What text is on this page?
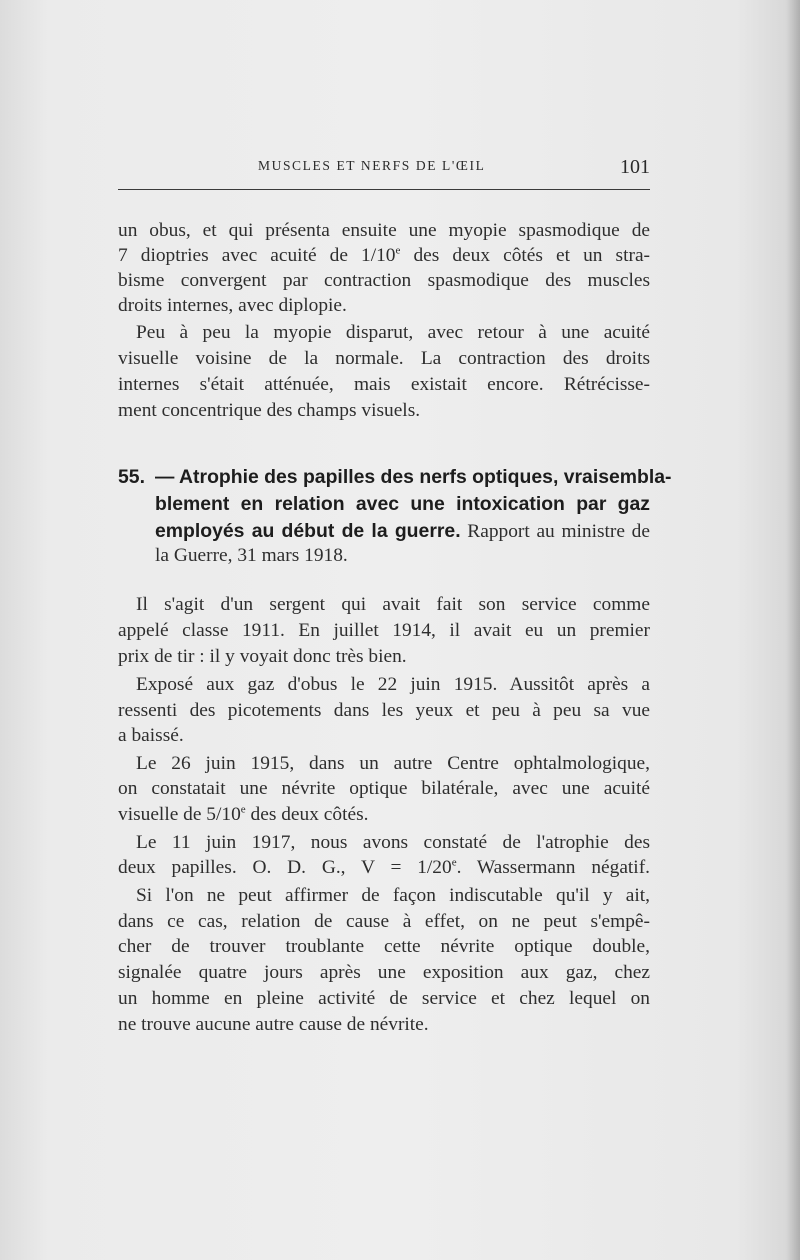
MUSCLES ET NERFS DE L'ŒIL	101
un obus, et qui présenta ensuite une myopie spasmodique de
7 dioptries avec acuité de 1/10e des deux côtés et un stra-
bisme convergent par contraction spasmodique des muscles
droits internes, avec diplopie.
Peu à peu la myopie disparut, avec retour à une acuité
visuelle voisine de la normale. La contraction des droits
internes s'était atténuée, mais existait encore. Rétrécisse-
ment concentrique des champs visuels.
55. — Atrophie des papilles des nerfs optiques, vraisembla-
blement en relation avec une intoxication par gaz
employés au début de la guerre. Rapport au ministre de
la Guerre, 31 mars 1918.
Il s'agit d'un sergent qui avait fait son service comme
appelé classe 1911. En juillet 1914, il avait eu un premier
prix de tir : il y voyait donc très bien.
Exposé aux gaz d'obus le 22 juin 1915. Aussitôt après a
ressenti des picotements dans les yeux et peu à peu sa vue
a baissé.
Le 26 juin 1915, dans un autre Centre ophtalmologique,
on constatait une névrite optique bilatérale, avec une acuité
visuelle de 5/10e des deux côtés.
Le 11 juin 1917, nous avons constaté de l'atrophie des
deux papilles. O. D. G., $V = 1/20^e$. Wassermann négatif.
Si l'on ne peut affirmer de façon indiscutable qu'il y ait,
dans ce cas, relation de cause à effet, on ne peut s'empê-
cher de trouver troublante cette névrite optique double,
signalée quatre jours après une exposition aux gaz, chez
un homme en pleine activité de service et chez lequel on
ne trouve aucune autre cause de névrite.
